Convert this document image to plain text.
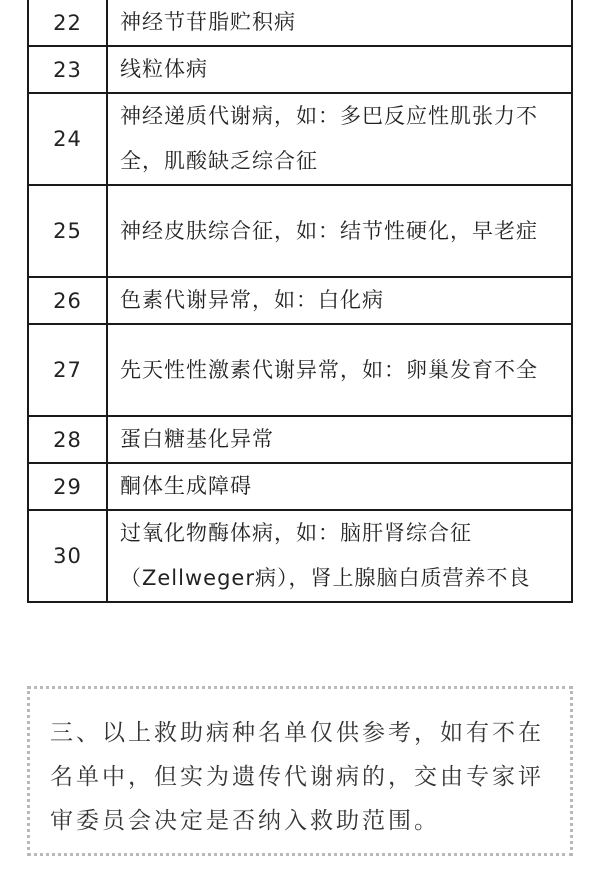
22	神经节苷脂贮积病
23	线粒体病
24	神经递质代谢病，如：多巴反应性肌张力不全，肌酸缺乏综合征
25	神经皮肤综合征，如：结节性硬化，早老症
26	色素代谢异常，如：白化病
27	先天性性激素代谢异常，如：卵巢发育不全
28	蛋白糖基化异常
29	酮体生成障碍
30	过氧化物酶体病，如：脑肝肾综合征（Zellweger病），肾上腺脑白质营养不良

三、以上救助病种名单仅供参考，如有不在名单中，但实为遗传代谢病的，交由专家评审委员会决定是否纳入救助范围。
